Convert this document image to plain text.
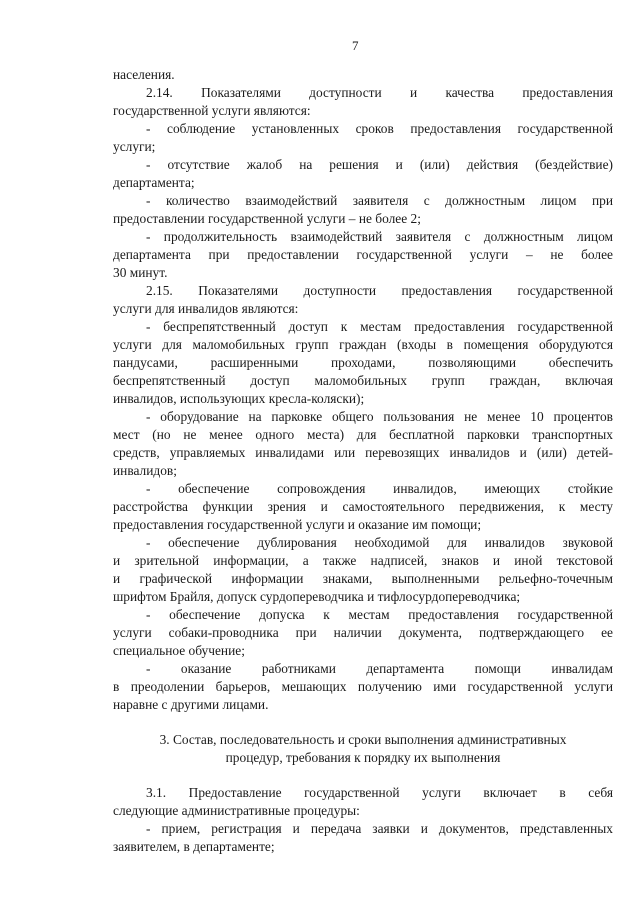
7
населения.
2.14. Показателями доступности и качества предоставления
государственной услуги являются:
- соблюдение установленных сроков предоставления государственной
услуги;
- отсутствие жалоб на решения и (или) действия (бездействие)
департамента;
- количество взаимодействий заявителя с должностным лицом при
предоставлении государственной услуги – не более 2;
- продолжительность взаимодействий заявителя с должностным лицом
департамента при предоставлении государственной услуги – не более
30 минут.
2.15. Показателями доступности предоставления государственной
услуги для инвалидов являются:
- беспрепятственный доступ к местам предоставления государственной
услуги для маломобильных групп граждан (входы в помещения оборудуются
пандусами, расширенными проходами, позволяющими обеспечить
беспрепятственный доступ маломобильных групп граждан, включая
инвалидов, использующих кресла-коляски);
- оборудование на парковке общего пользования не менее 10 процентов
мест (но не менее одного места) для бесплатной парковки транспортных
средств, управляемых инвалидами или перевозящих инвалидов и (или) детей-
инвалидов;
- обеспечение сопровождения инвалидов, имеющих стойкие
расстройства функции зрения и самостоятельного передвижения, к месту
предоставления государственной услуги и оказание им помощи;
- обеспечение дублирования необходимой для инвалидов звуковой
и зрительной информации, а также надписей, знаков и иной текстовой
и графической информации знаками, выполненными рельефно-точечным
шрифтом Брайля, допуск сурдопереводчика и тифлосурдопереводчика;
- обеспечение допуска к местам предоставления государственной
услуги собаки-проводника при наличии документа, подтверждающего ее
специальное обучение;
- оказание работниками департамента помощи инвалидам
в преодолении барьеров, мешающих получению ими государственной услуги
наравне с другими лицами.
3. Состав, последовательность и сроки выполнения административных
процедур, требования к порядку их выполнения
3.1. Предоставление государственной услуги включает в себя
следующие административные процедуры:
- прием, регистрация и передача заявки и документов, представленных
заявителем, в департаменте;
